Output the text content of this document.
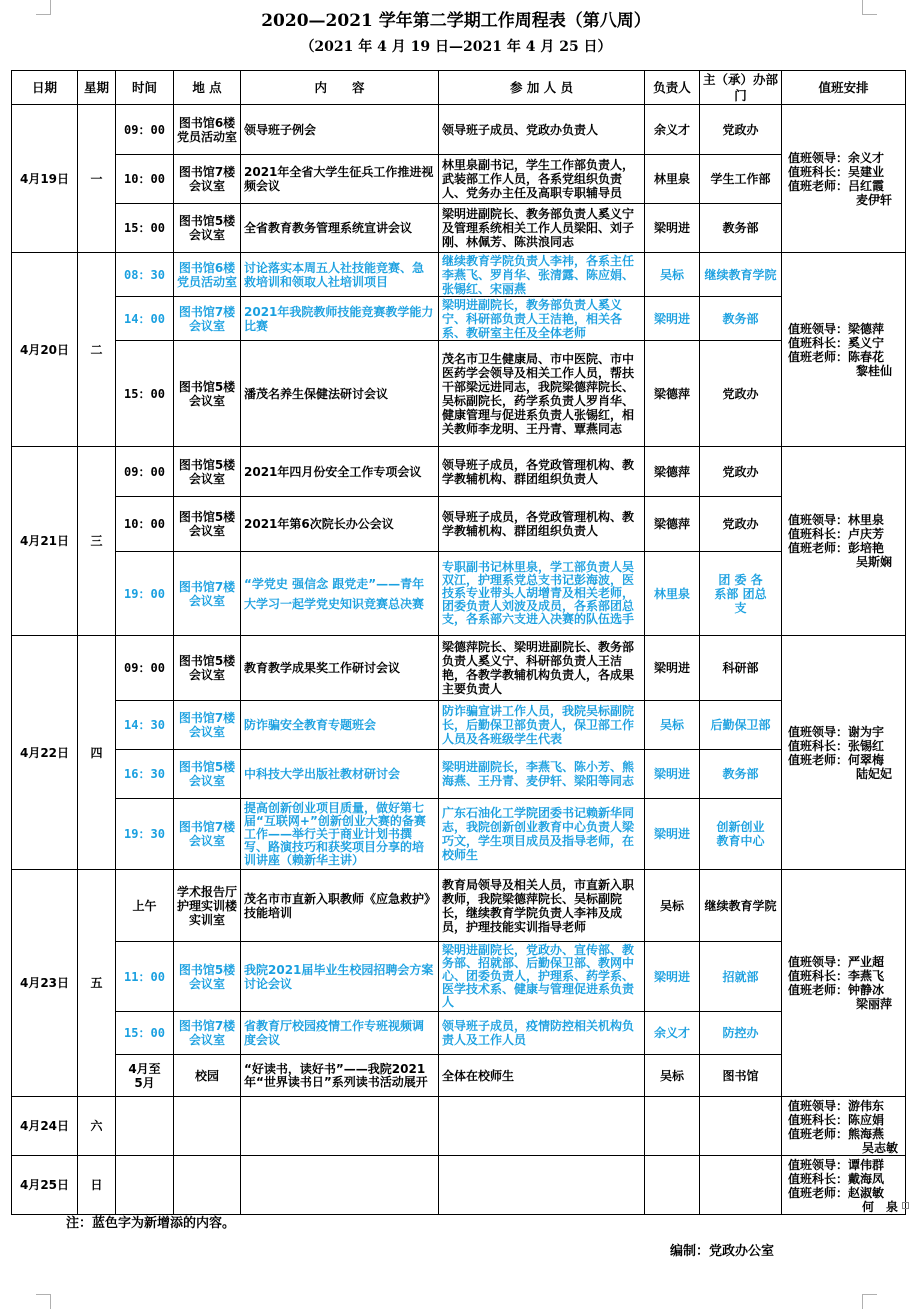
2020—2021 学年第二学期工作周程表（第八周）
（2021 年 4 月 19 日—2021 年 4 月 25 日）
日期	星期	时间	地 点	内　　容	参 加 人 员	负责人	主（承）办部 门	值班安排
4月19日	一	09：00	图书馆6楼党员活动室	领导班子例会	领导班子成员、党政办负责人	余义才	党政办	值班领导：余义才
值班科长：吴建业
值班老师：吕红霞
麦伊轩

		10：00	图书馆7楼会议室	2021年全省大学生征兵工作推进视频会议	林里泉副书记，学生工作部负责人，武装部工作人员，各系党组织负责人、党务办主任及高职专职辅导员	林里泉	学生工作部	
		15：00	图书馆5楼会议室	全省教育教务管理系统宣讲会议	梁明进副院长、教务部负责人奚义宁及管理系统相关工作人员梁阳、刘子刚、林佩芳、陈洪浪同志	梁明进	教务部	
4月20日	二	08：30	图书馆6楼党员活动室	讨论落实本周五人社技能竞赛、急救培训和领取人社培训项目	继续教育学院负责人李祎，各系主任李燕飞、罗肖华、张清露、陈应娟、张锡红、宋丽燕	吴标	继续教育学院	值班领导：梁德萍
值班科长：奚义宁
值班老师：陈春花
黎桂仙

		14：00	图书馆7楼会议室	2021年我院教师技能竞赛教学能力比赛	梁明进副院长，教务部负责人奚义宁、科研部负责人王洁艳，相关各系、教研室主任及全体老师	梁明进	教务部	
		15：00	图书馆5楼会议室	潘茂名养生保健法研讨会议	茂名市卫生健康局、市中医院、市中医药学会领导及相关工作人员，帮扶干部梁远进同志，我院梁德萍院长、吴标副院长，药学系负责人罗肖华、健康管理与促进系负责人张锡红，相关教师李龙明、王丹青、覃燕同志	梁德萍	党政办	
4月21日	三	09：00	图书馆5楼会议室	2021年四月份安全工作专项会议	领导班子成员，各党政管理机构、教学教辅机构、群团组织负责人	梁德萍	党政办	值班领导：林里泉
值班科长：卢庆芳
值班老师：彭培艳
吴斯娴

		10：00	图书馆5楼会议室	2021年第6次院长办公会议	领导班子成员，各党政管理机构、教学教辅机构、群团组织负责人	梁德萍	党政办	
		19：00	图书馆7楼会议室	“学党史 强信念 跟党走”——青年大学习一起学党史知识竞赛总决赛	专职副书记林里泉，学工部负责人吴双江，护理系党总支书记彭海波，医技系专业带头人胡增青及相关老师，团委负责人刘波及成员，各系部团总支，各系部六支进入决赛的队伍选手	林里泉	团 委 各系部 团总支	
4月22日	四	09：00	图书馆5楼会议室	教育教学成果奖工作研讨会议	梁德萍院长、梁明进副院长、教务部负责人奚义宁、科研部负责人王洁艳，各教学教辅机构负责人，各成果主要负责人	梁明进	科研部	值班领导：谢为宇
值班科长：张锡红
值班老师：何翠梅
陆妃妃

		14：30	图书馆7楼会议室	防诈骗安全教育专题班会	防诈骗宣讲工作人员，我院吴标副院长，后勤保卫部负责人，保卫部工作人员及各班级学生代表	吴标	后勤保卫部	
		16：30	图书馆5楼会议室	中科技大学出版社教材研讨会	梁明进副院长，李燕飞、陈小芳、熊海燕、王丹青、麦伊轩、梁阳等同志	梁明进	教务部	
		19：30	图书馆7楼会议室	提高创新创业项目质量，做好第七届“互联网+”创新创业大赛的备赛工作——举行关于商业计划书撰写、路演技巧和获奖项目分享的培训讲座（赖新华主讲）	广东石油化工学院团委书记赖新华同志，我院创新创业教育中心负责人梁巧文，学生项目成员及指导老师，在校师生	梁明进	创新创业教育中心	
4月23日	五	上午	学术报告厅 护理实训楼实训室	茂名市市直新入职教师《应急救护》技能培训	教育局领导及相关人员，市直新入职教师，我院梁德萍院长、吴标副院长，继续教育学院负责人李祎及成员，护理技能实训指导老师	吴标	继续教育学院	值班领导：严业超
值班科长：李燕飞
值班老师：钟静冰
梁丽萍

		11：00	图书馆5楼会议室	我院2021届毕业生校园招聘会方案讨论会议	梁明进副院长，党政办、宣传部、教务部、招就部、后勤保卫部、教网中心、团委负责人，护理系、药学系、医学技术系、健康与管理促进系负责人	梁明进	招就部	
		15：00	图书馆7楼会议室	省教育厅校园疫情工作专班视频调度会议	领导班子成员，疫情防控相关机构负责人及工作人员	余义才	防控办	
		4月至5月	校园	“好读书，读好书”——我院2021年“世界读书日”系列读书活动展开	全体在校师生	吴标	图书馆	
4月24日	六							值班领导：游伟东
值班科长：陈应娟
值班老师：熊海燕
吴志敏

4月25日	日							值班领导：谭伟群
值班科长：戴海凤
值班老师：赵淑敏
何　泉
注：蓝色字为新增添的内容。
编制：党政办公室
